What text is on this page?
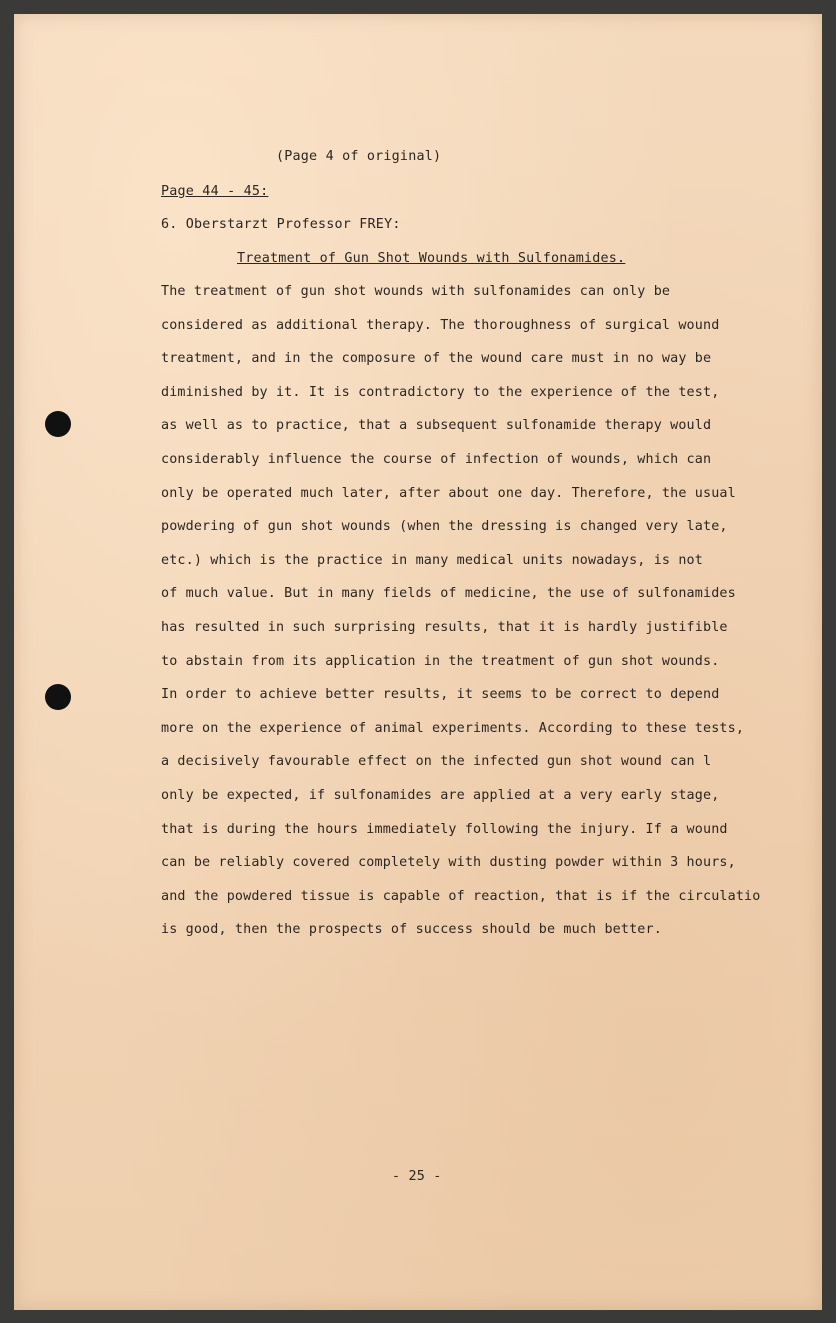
(Page 4 of original)
Page 44 - 45:
6. Oberstarzt Professor FREY:
Treatment of Gun Shot Wounds with Sulfonamides.
The treatment of gun shot wounds with sulfonamides can only be
considered as additional therapy. The thoroughness of surgical wound
treatment, and in the composure of the wound care must in no way be
diminished by it. It is contradictory to the experience of the test,
as well as to practice, that a subsequent sulfonamide therapy would
considerably influence the course of infection of wounds, which can
only be operated much later, after about one day. Therefore, the usual
powdering of gun shot wounds (when the dressing is changed very late,
etc.) which is the practice in many medical units nowadays, is not
of much value. But in many fields of medicine, the use of sulfonamides
has resulted in such surprising results, that it is hardly justifible
to abstain from its application in the treatment of gun shot wounds.
In order to achieve better results, it seems to be correct to depend
more on the experience of animal experiments. According to these tests,
a decisively favourable effect on the infected gun shot wound can l
only be expected, if sulfonamides are applied at a very early stage,
that is during the hours immediately following the injury. If a wound
can be reliably covered completely with dusting powder within 3 hours,
and the powdered tissue is capable of reaction, that is if the circulatio
is good, then the prospects of success should be much better.
- 25 -
